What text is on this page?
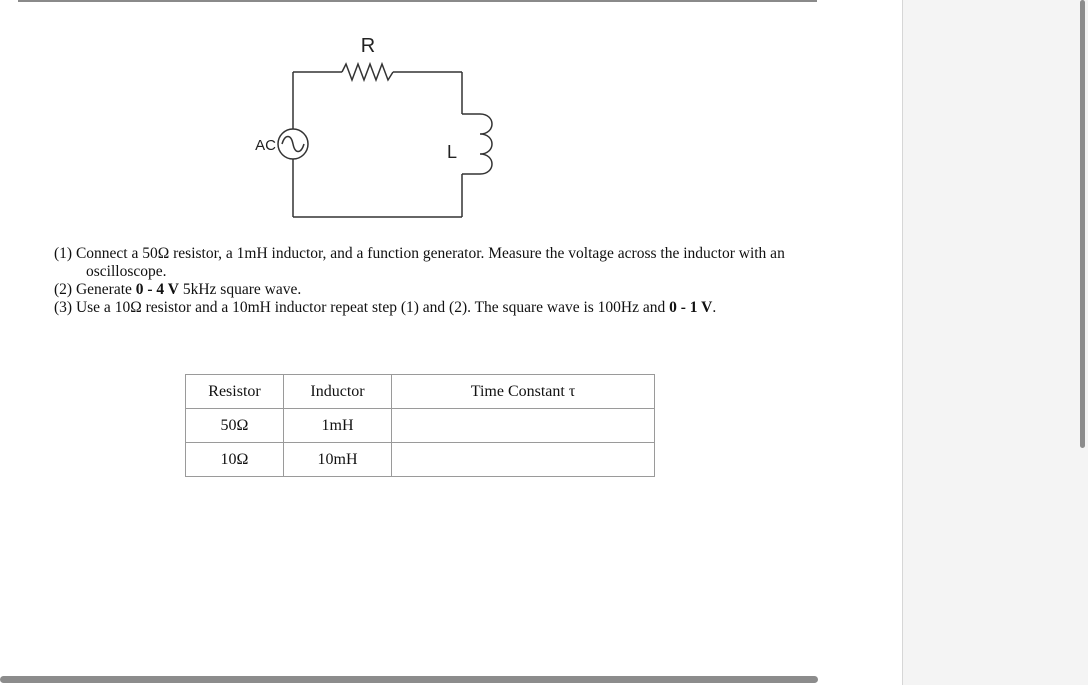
R
L
AC
(1) Connect a 50Ω resistor, a 1mH inductor, and a function generator. Measure the voltage across the inductor with an oscilloscope.
(2) Generate 0 - 4 V 5kHz square wave.
(3) Use a 10Ω resistor and a 10mH inductor repeat step (1) and (2). The square wave is 100Hz and 0 - 1 V.
Resistor	Inductor	Time Constant τ
50Ω	1mH	
10Ω	10mH	
